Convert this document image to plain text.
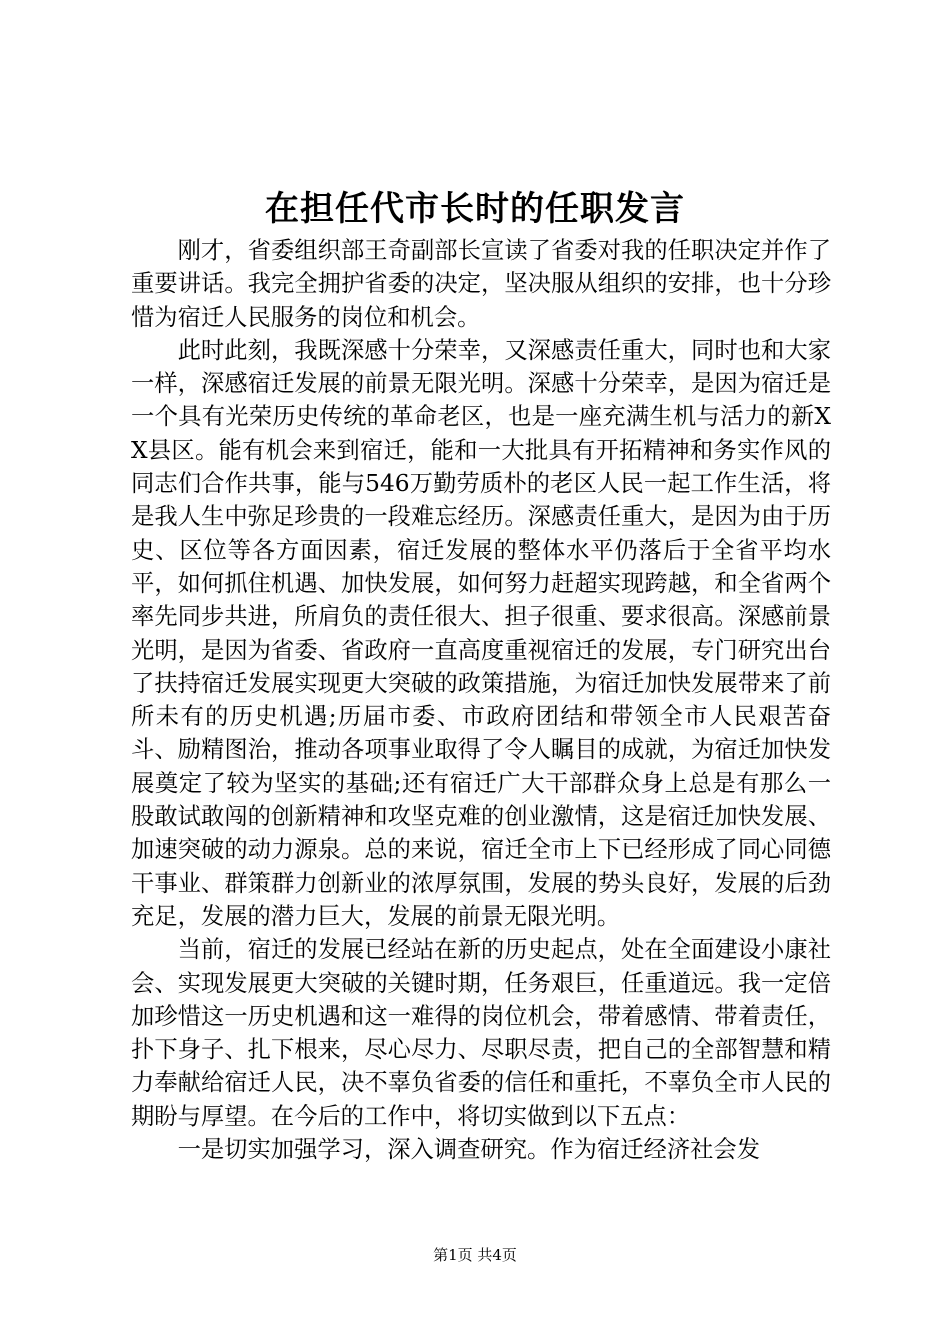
在担任代市长时的任职发言

刚才，省委组织部王奇副部长宣读了省委对我的任职决定并作了重要讲话。我完全拥护省委的决定，坚决服从组织的安排，也十分珍惜为宿迁人民服务的岗位和机会。

此时此刻，我既深感十分荣幸，又深感责任重大，同时也和大家一样，深感宿迁发展的前景无限光明。深感十分荣幸，是因为宿迁是一个具有光荣历史传统的革命老区，也是一座充满生机与活力的新XX县区。能有机会来到宿迁，能和一大批具有开拓精神和务实作风的同志们合作共事，能与546万勤劳质朴的老区人民一起工作生活，将是我人生中弥足珍贵的一段难忘经历。深感责任重大，是因为由于历史、区位等各方面因素，宿迁发展的整体水平仍落后于全省平均水平，如何抓住机遇、加快发展，如何努力赶超实现跨越，和全省两个率先同步共进，所肩负的责任很大、担子很重、要求很高。深感前景光明，是因为省委、省政府一直高度重视宿迁的发展，专门研究出台了扶持宿迁发展实现更大突破的政策措施，为宿迁加快发展带来了前所未有的历史机遇;历届市委、市政府团结和带领全市人民艰苦奋斗、励精图治，推动各项事业取得了令人瞩目的成就，为宿迁加快发展奠定了较为坚实的基础;还有宿迁广大干部群众身上总是有那么一股敢试敢闯的创新精神和攻坚克难的创业激情，这是宿迁加快发展、加速突破的动力源泉。总的来说，宿迁全市上下已经形成了同心同德干事业、群策群力创新业的浓厚氛围，发展的势头良好，发展的后劲充足，发展的潜力巨大，发展的前景无限光明。

当前，宿迁的发展已经站在新的历史起点，处在全面建设小康社会、实现发展更大突破的关键时期，任务艰巨，任重道远。我一定倍加珍惜这一历史机遇和这一难得的岗位机会，带着感情、带着责任，扑下身子、扎下根来，尽心尽力、尽职尽责，把自己的全部智慧和精力奉献给宿迁人民，决不辜负省委的信任和重托，不辜负全市人民的期盼与厚望。在今后的工作中，将切实做到以下五点：

一是切实加强学习，深入调查研究。作为宿迁经济社会发

第1页 共4页
